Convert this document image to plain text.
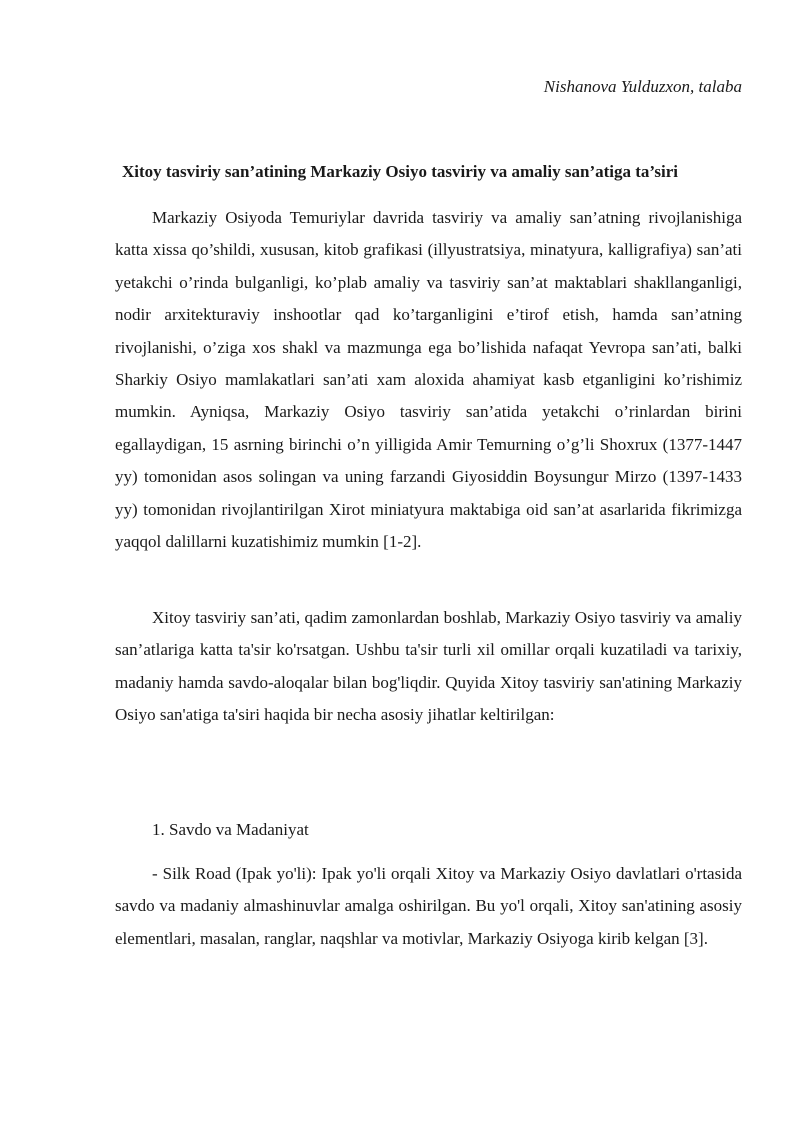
Nishanova Yulduzxon, talaba
Xitoy tasviriy san’atining Markaziy Osiyo tasviriy va amaliy san’atiga ta’siri

Markaziy Osiyoda Temuriylar davrida tasviriy va amaliy san’atning rivojlanishiga katta xissa qo’shildi, xususan, kitob grafikasi (illyustratsiya, minatyura, kalligrafiya) san’ati yetakchi o’rinda bulganligi, ko’plab amaliy va tasviriy san’at maktablari shakllanganligi, nodir arxitekturaviy inshootlar qad ko’targanligini e’tirof etish, hamda san’atning rivojlanishi, o’ziga xos shakl va mazmunga ega bo’lishida nafaqat Yevropa san’ati, balki Sharkiy Osiyo mamlakatlari san’ati xam aloxida ahamiyat kasb etganligini ko’rishimiz mumkin. Ayniqsa, Markaziy Osiyo tasviriy san’atida yetakchi o’rinlardan birini egallaydigan, 15 asrning birinchi o’n yilligida Amir Temurning o’g’li Shoxrux (1377-1447 yy) tomonidan asos solingan va uning farzandi Giyosiddin Boysungur Mirzo (1397-1433 yy) tomonidan rivojlantirilgan Xirot miniatyura maktabiga oid san’at asarlarida fikrimizga yaqqol dalillarni kuzatishimiz mumkin [1-2].

Xitoy tasviriy san’ati, qadim zamonlardan boshlab, Markaziy Osiyo tasviriy va amaliy san’atlariga katta ta'sir ko'rsatgan. Ushbu ta'sir turli xil omillar orqali kuzatiladi va tarixiy, madaniy hamda savdo-aloqalar bilan bog'liqdir. Quyida Xitoy tasviriy san'atining Markaziy Osiyo san'atiga ta'siri haqida bir necha asosiy jihatlar keltirilgan:

1. Savdo va Madaniyat

- Silk Road (Ipak yo'li): Ipak yo'li orqali Xitoy va Markaziy Osiyo davlatlari o'rtasida savdo va madaniy almashinuvlar amalga oshirilgan. Bu yo'l orqali, Xitoy san'atining asosiy elementlari, masalan, ranglar, naqshlar va motivlar, Markaziy Osiyoga kirib kelgan [3].
